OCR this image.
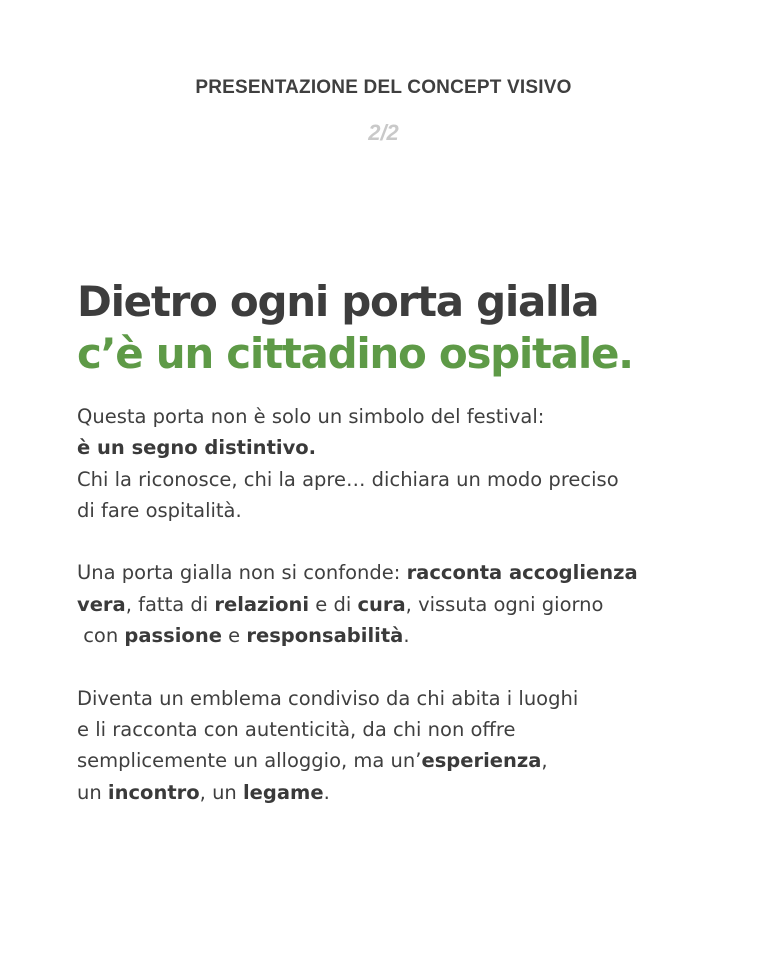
PRESENTAZIONE DEL CONCEPT VISIVO
2/2
Dietro ogni porta gialla
c’è un cittadino ospitale.

Questa porta non è solo un simbolo del festival:
è un segno distintivo.
Chi la riconosce, chi la apre… dichiara un modo preciso
di fare ospitalità.

Una porta gialla non si confonde: racconta accoglienza
vera, fatta di relazioni e di cura, vissuta ogni giorno
con passione e responsabilità.

Diventa un emblema condiviso da chi abita i luoghi
e li racconta con autenticità, da chi non offre
semplicemente un alloggio, ma un’esperienza,
un incontro, un legame.
